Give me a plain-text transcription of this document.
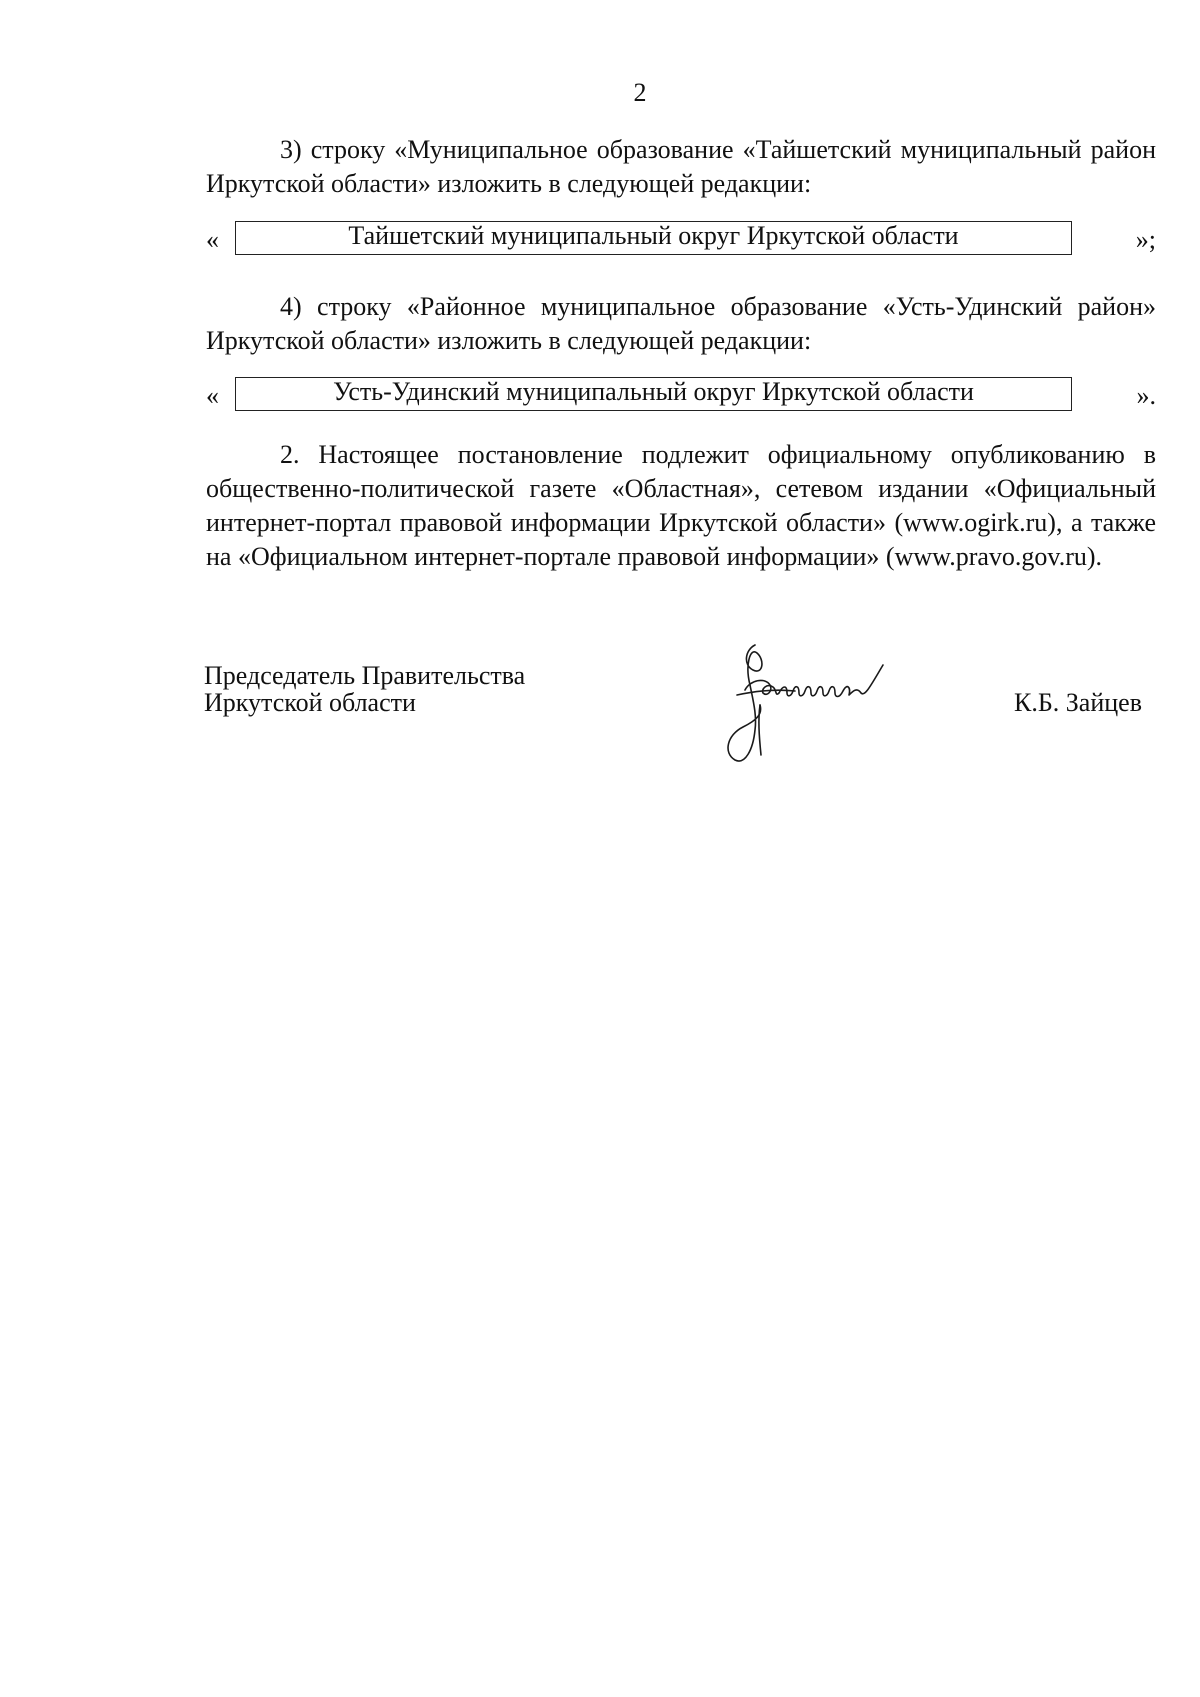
2

3) строку «Муниципальное образование «Тайшетский муниципальный район Иркутской области» изложить в следующей редакции:

«	Тайшетский муниципальный округ Иркутской области	»;

4) строку «Районное муниципальное образование «Усть-Удинский район» Иркутской области» изложить в следующей редакции:

«	Усть-Удинский муниципальный округ Иркутской области	».

2. Настоящее постановление подлежит официальному опубликованию в общественно-политической газете «Областная», сетевом издании «Официальный интернет-портал правовой информации Иркутской области» (www.ogirk.ru), а также на «Официальном интернет-портале правовой информации» (www.pravo.gov.ru).

Председатель Правительства
Иркутской области	К.Б. Зайцев
